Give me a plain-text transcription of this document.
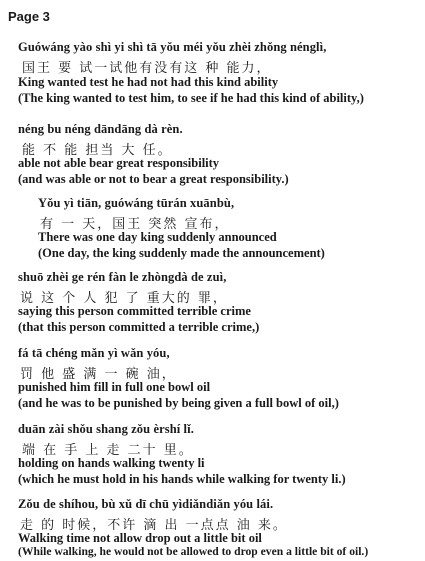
Page 3
Guówáng yào shì yi shì tā yǒu méi yǒu zhèi zhǒng nénglì,
国王 要 试一试他有没有这 种 能力，
King wanted test he had not had this kind ability
(The king wanted to test him, to see if he had this kind of ability,)
néng bu néng dāndāng dà rèn.
能 不 能 担当 大 任。
able not able bear great responsibility
(and was able or not to bear a great responsibility.)
Yǒu yì tiān, guówáng tūrán xuānbù,
有 一 天，国王 突然 宣布，
There was one day king suddenly announced
(One day, the king suddenly made the announcement)
shuō zhèi ge rén fàn le zhòngdà de zuì,
说 这 个 人 犯 了 重大的 罪，
saying this person committed terrible crime
(that this person committed a terrible crime,)
fá tā chéng mǎn yì wǎn yóu,
罚 他 盛 满 一 碗 油，
punished him fill in full one bowl oil
(and he was to be punished by being given a full bowl of oil,)
duān zài shǒu shang zǒu èrshí lǐ.
端 在 手 上 走 二十 里。
holding on hands walking twenty li
(which he must hold in his hands while walking for twenty li.)
Zǒu de shíhou, bù xǔ dī chū yìdiǎndiǎn yóu lái.
走 的 时候，不许 滴 出 一点点 油 来。
Walking time not allow drop out a little bit oil
(While walking, he would not be allowed to drop even a little bit of oil.)
